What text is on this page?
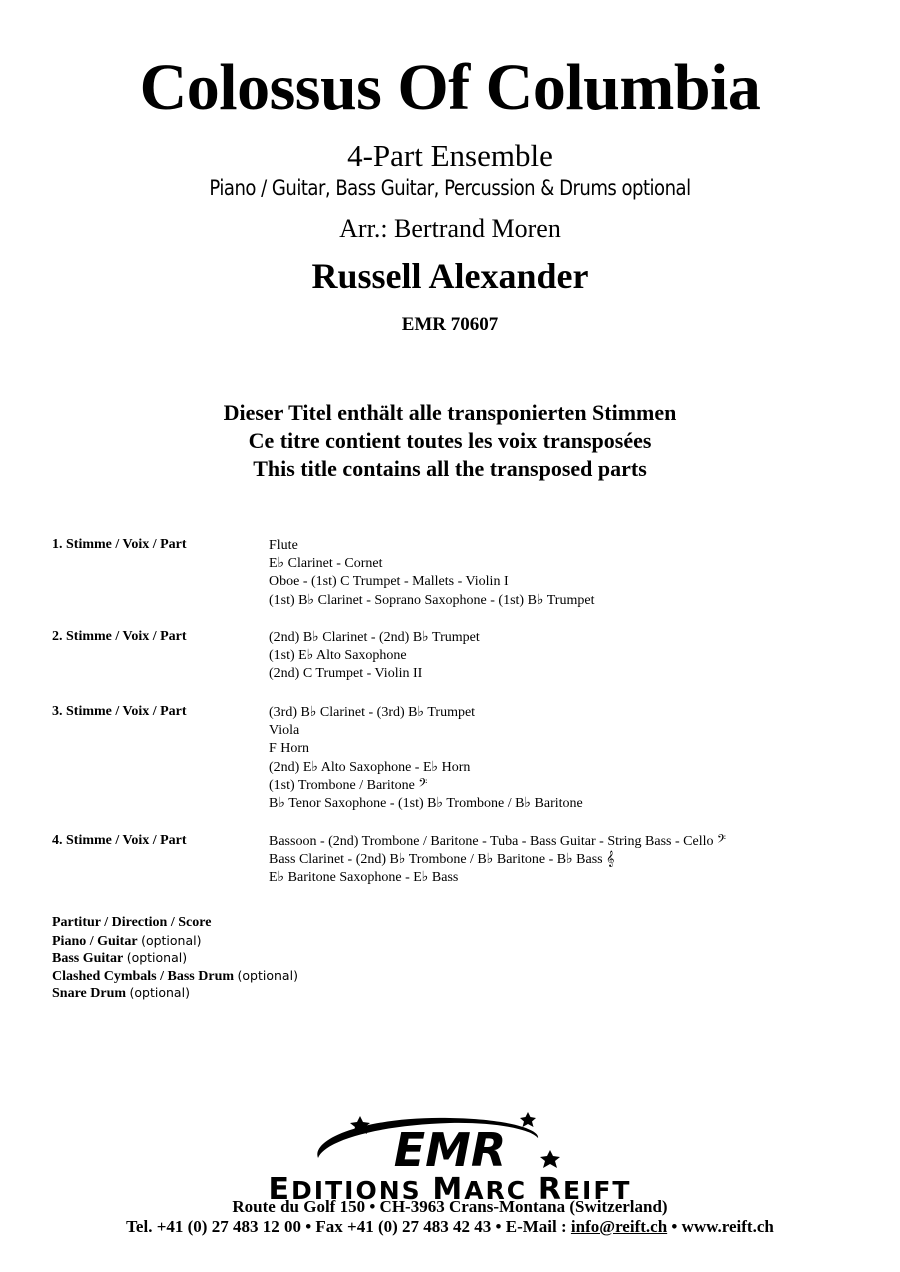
Colossus Of Columbia
4-Part Ensemble
Piano / Guitar, Bass Guitar, Percussion & Drums optional
Arr.: Bertrand Moren
Russell Alexander
EMR 70607
Dieser Titel enthält alle transponierten Stimmen
Ce titre contient toutes les voix transposées
This title contains all the transposed parts
1. Stimme / Voix / Part	Flute
E♭ Clarinet - Cornet
Oboe - (1st) C Trumpet - Mallets - Violin I
(1st) B♭ Clarinet - Soprano Saxophone - (1st) B♭ Trumpet
2. Stimme / Voix / Part	(2nd) B♭ Clarinet - (2nd) B♭ Trumpet
(1st) E♭ Alto Saxophone
(2nd) C Trumpet - Violin II
3. Stimme / Voix / Part	(3rd) B♭ Clarinet - (3rd) B♭ Trumpet
Viola
F Horn
(2nd) E♭ Alto Saxophone - E♭ Horn
(1st) Trombone / Baritone 𝄢
B♭ Tenor Saxophone - (1st) B♭ Trombone / B♭ Baritone
4. Stimme / Voix / Part	Bassoon - (2nd) Trombone / Baritone - Tuba - Bass Guitar - String Bass - Cello 𝄢
Bass Clarinet - (2nd) B♭ Trombone / B♭ Baritone - B♭ Bass 𝄞
E♭ Baritone Saxophone - E♭ Bass
Partitur / Direction / Score
Piano / Guitar (optional)
Bass Guitar (optional)
Clashed Cymbals / Bass Drum (optional)
Snare Drum (optional)
EMR
EDITIONS MARC REIFT
Route du Golf 150 • CH-3963 Crans-Montana (Switzerland)
Tel. +41 (0) 27 483 12 00 • Fax +41 (0) 27 483 42 43 • E-Mail : info@reift.ch • www.reift.ch
